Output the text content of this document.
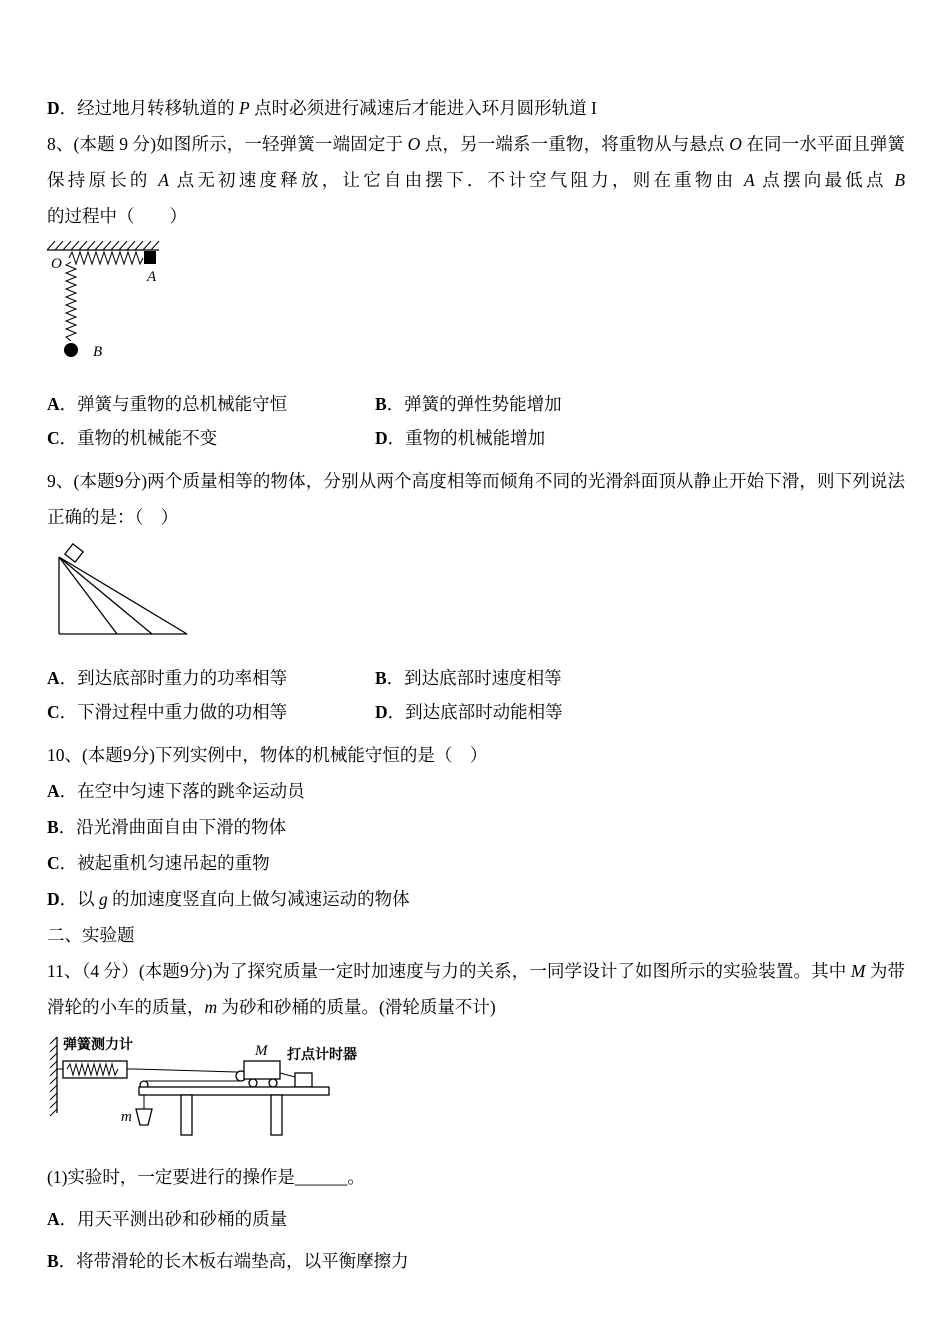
D．经过地月转移轨道的 P 点时必须进行减速后才能进入环月圆形轨道 I

8、(本题 9 分)如图所示，一轻弹簧一端固定于 O 点，另一端系一重物，将重物从与悬点 O 在同一水平面且弹簧保持原长的 A 点无初速度释放，让它自由摆下．不计空气阻力，则在重物由 A 点摆向最低点 B 的过程中（　　）

O
A
B

A．弹簧与重物的总机械能守恒	B．弹簧的弹性势能增加

C．重物的机械能不变	D．重物的机械能增加

9、(本题9分)两个质量相等的物体，分别从两个高度相等而倾角不同的光滑斜面顶从静止开始下滑，则下列说法正确的是：（　）

A．到达底部时重力的功率相等	B．到达底部时速度相等

C．下滑过程中重力做的功相等	D．到达底部时动能相等

10、(本题9分)下列实例中，物体的机械能守恒的是（　）

A．在空中匀速下落的跳伞运动员

B．沿光滑曲面自由下滑的物体

C．被起重机匀速吊起的重物

D．以 g 的加速度竖直向上做匀减速运动的物体

二、实验题

11、（4 分）(本题9分)为了探究质量一定时加速度与力的关系，一同学设计了如图所示的实验装置。其中 M 为带滑轮的小车的质量，m 为砂和砂桶的质量。(滑轮质量不计)

弹簧测力计	M 打点计时器
m

(1)实验时，一定要进行的操作是______。

A．用天平测出砂和砂桶的质量

B．将带滑轮的长木板右端垫高，以平衡摩擦力
